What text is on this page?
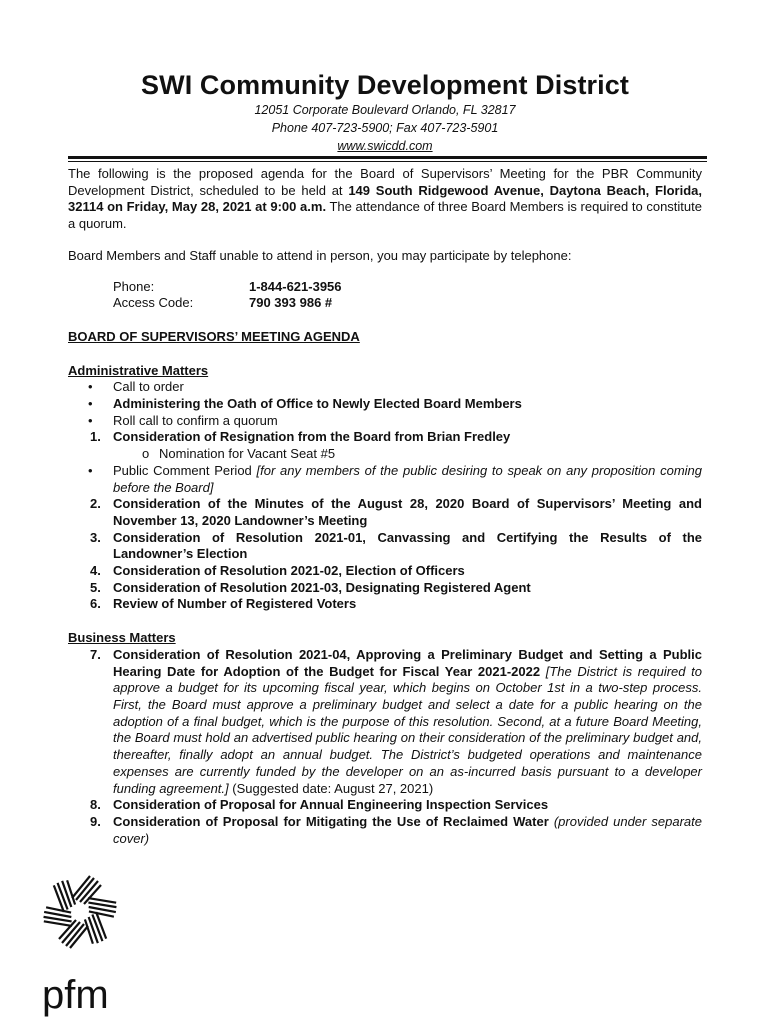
SWI Community Development District
12051 Corporate Boulevard Orlando, FL 32817
Phone 407-723-5900; Fax 407-723-5901
www.swicdd.com

The following is the proposed agenda for the Board of Supervisors’ Meeting for the PBR Community Development District, scheduled to be held at 149 South Ridgewood Avenue, Daytona Beach, Florida, 32114 on Friday, May 28, 2021 at 9:00 a.m. The attendance of three Board Members is required to constitute a quorum.

Board Members and Staff unable to attend in person, you may participate by telephone:

Phone:	1-844-621-3956
Access Code:	790 393 986 #
BOARD OF SUPERVISORS’ MEETING AGENDA
Administrative Matters
•	Call to order
•	Administering the Oath of Office to Newly Elected Board Members
•	Roll call to confirm a quorum
1. Consideration of Resignation from the Board from Brian Fredley
o Nomination for Vacant Seat #5
•	Public Comment Period [for any members of the public desiring to speak on any proposition coming before the Board]
2. Consideration of the Minutes of the August 28, 2020 Board of Supervisors’ Meeting and November 13, 2020 Landowner’s Meeting
3. Consideration of Resolution 2021-01, Canvassing and Certifying the Results of the Landowner’s Election
4. Consideration of Resolution 2021-02, Election of Officers
5. Consideration of Resolution 2021-03, Designating Registered Agent
6. Review of Number of Registered Voters
Business Matters
7. Consideration of Resolution 2021-04, Approving a Preliminary Budget and Setting a Public Hearing Date for Adoption of the Budget for Fiscal Year 2021-2022 [The District is required to approve a budget for its upcoming fiscal year, which begins on October 1st in a two-step process. First, the Board must approve a preliminary budget and select a date for a public hearing on the adoption of a final budget, which is the purpose of this resolution. Second, at a future Board Meeting, the Board must hold an advertised public hearing on their consideration of the preliminary budget and, thereafter, finally adopt an annual budget. The District’s budgeted operations and maintenance expenses are currently funded by the developer on an as-incurred basis pursuant to a developer funding agreement.] (Suggested date: August 27, 2021)
8. Consideration of Proposal for Annual Engineering Inspection Services
9. Consideration of Proposal for Mitigating the Use of Reclaimed Water (provided under separate cover)
pfm
